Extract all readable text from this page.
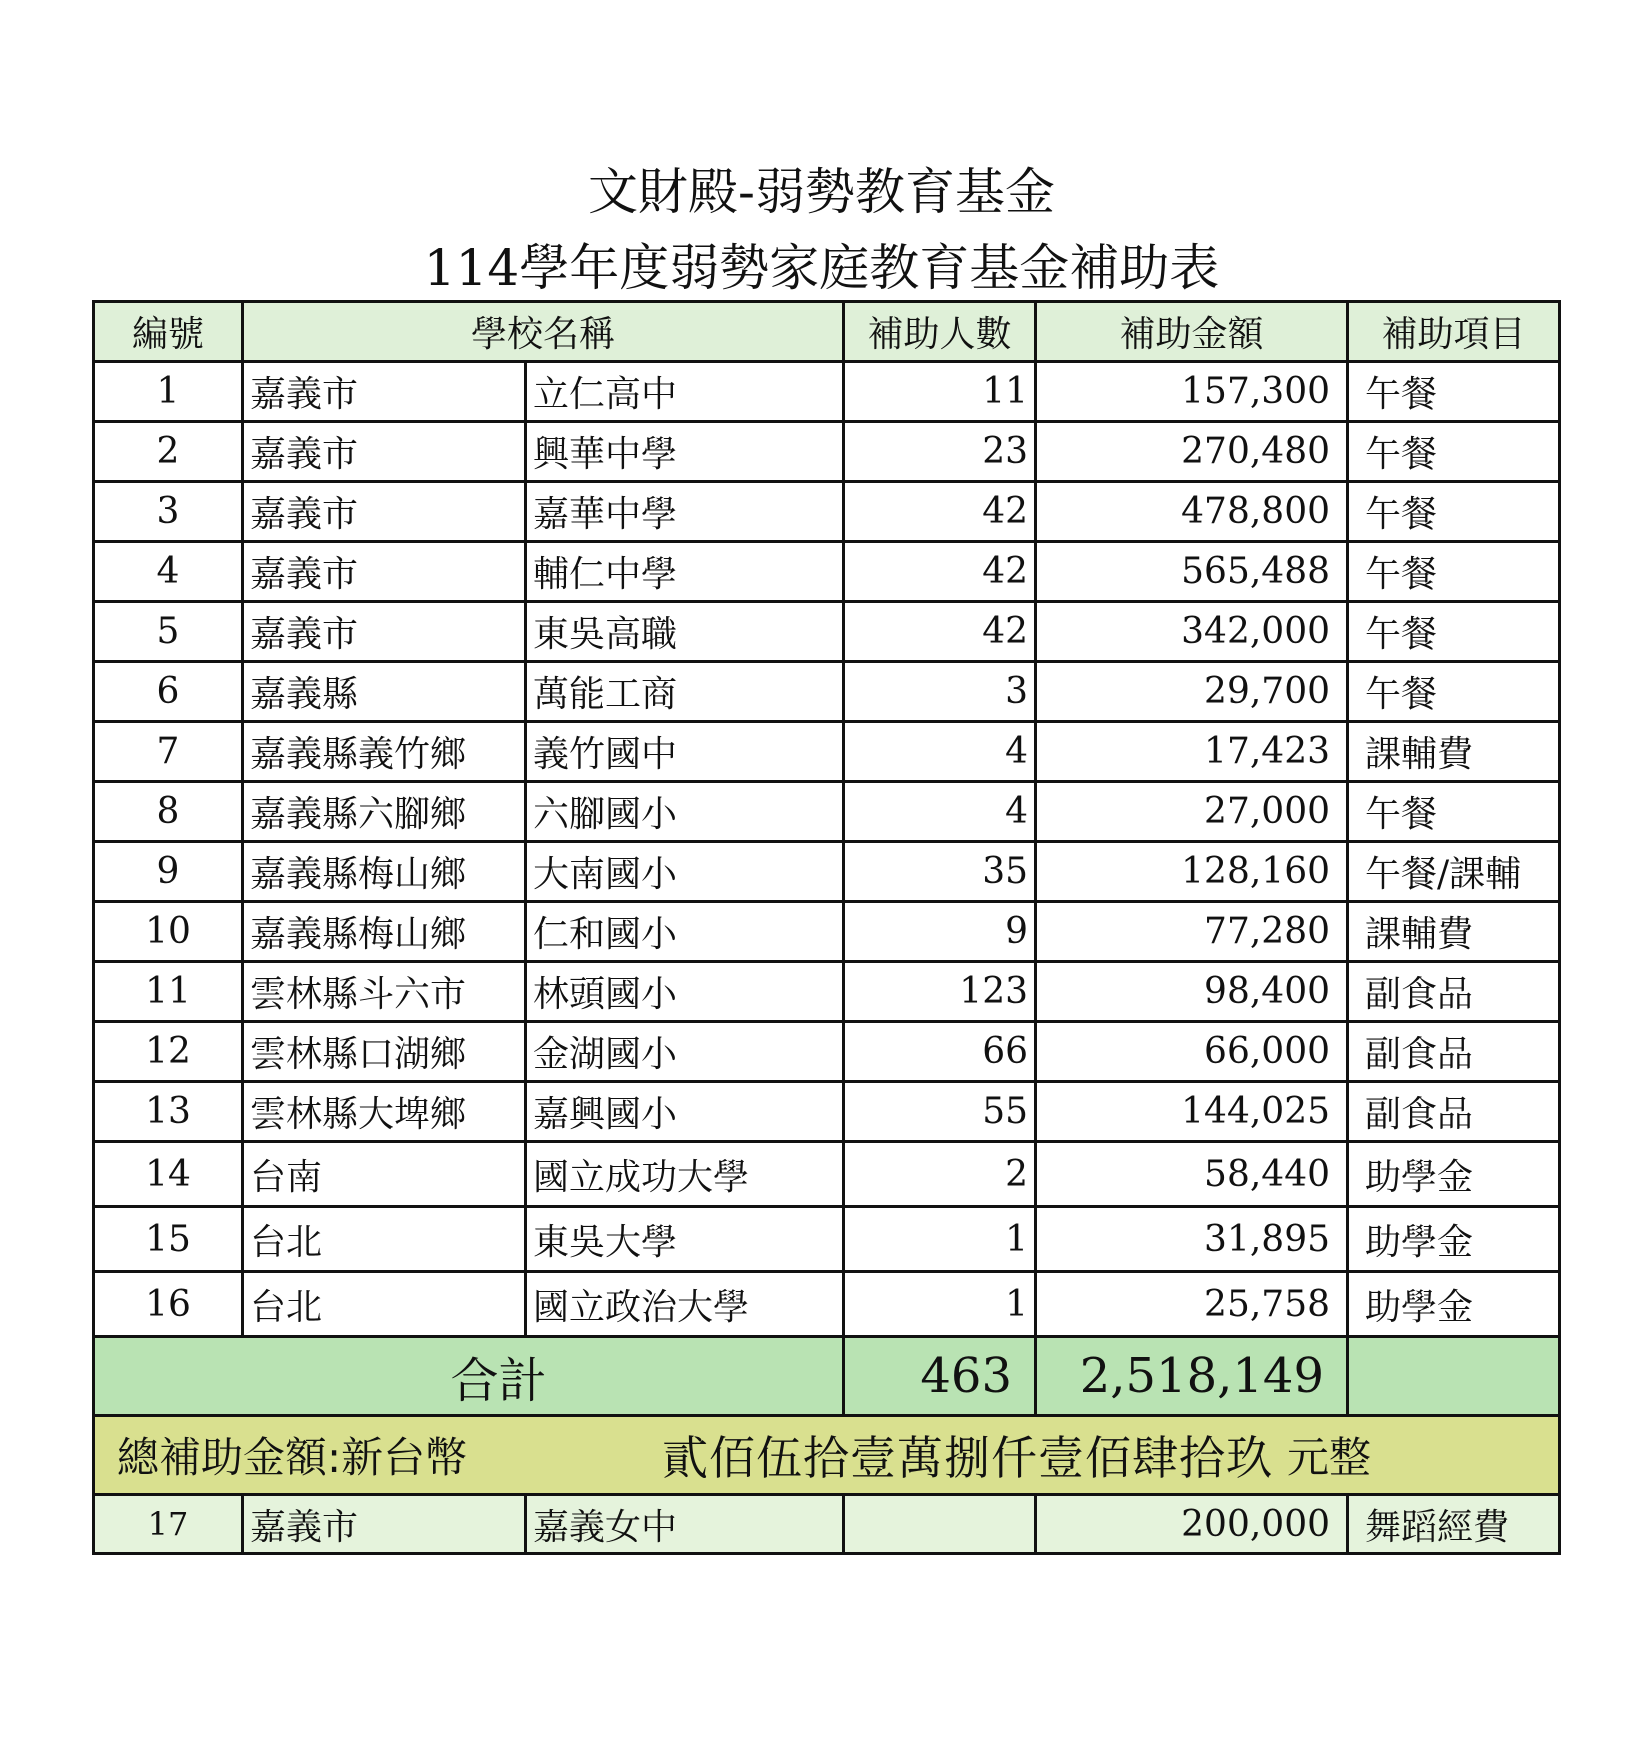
文財殿-弱勢教育基金
114學年度弱勢家庭教育基金補助表
編號	學校名稱		補助人數	補助金額	補助項目
1	嘉義市	立仁高中	11	157,300	午餐
2	嘉義市	興華中學	23	270,480	午餐
3	嘉義市	嘉華中學	42	478,800	午餐
4	嘉義市	輔仁中學	42	565,488	午餐
5	嘉義市	東吳高職	42	342,000	午餐
6	嘉義縣	萬能工商	3	29,700	午餐
7	嘉義縣義竹鄉	義竹國中	4	17,423	課輔費
8	嘉義縣六腳鄉	六腳國小	4	27,000	午餐
9	嘉義縣梅山鄉	大南國小	35	128,160	午餐/課輔
10	嘉義縣梅山鄉	仁和國小	9	77,280	課輔費
11	雲林縣斗六市	林頭國小	123	98,400	副食品
12	雲林縣口湖鄉	金湖國小	66	66,000	副食品
13	雲林縣大埤鄉	嘉興國小	55	144,025	副食品
14	台南	國立成功大學	2	58,440	助學金
15	台北	東吳大學	1	31,895	助學金
16	台北	國立政治大學	1	25,758	助學金
合計			463	2,518,149	

總補助金額:新台幣 貳佰伍拾壹萬捌仟壹佰肆拾玖 元整					

17	嘉義市	嘉義女中		200,000	舞蹈經費
